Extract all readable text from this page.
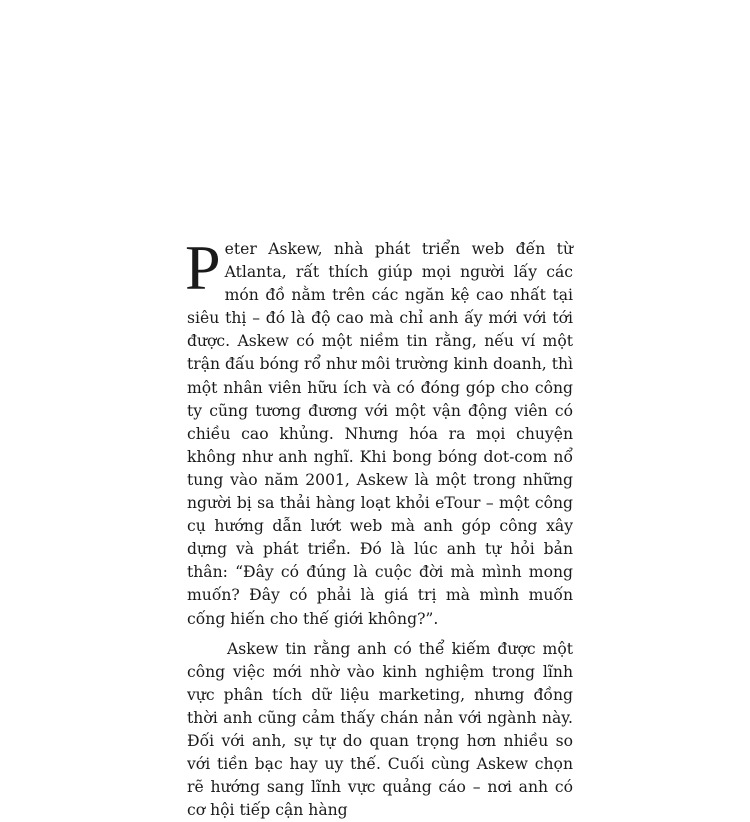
Peter Askew, nhà phát triển web đến từ Atlanta, rất thích giúp mọi người lấy các món đồ nằm trên các ngăn kệ cao nhất tại siêu thị – đó là độ cao mà chỉ anh ấy mới với tới được. Askew có một niềm tin rằng, nếu ví một trận đấu bóng rổ như môi trường kinh doanh, thì một nhân viên hữu ích và có đóng góp cho công ty cũng tương đương với một vận động viên có chiều cao khủng. Nhưng hóa ra mọi chuyện không như anh nghĩ. Khi bong bóng dot-com nổ tung vào năm 2001, Askew là một trong những người bị sa thải hàng loạt khỏi eTour – một công cụ hướng dẫn lướt web mà anh góp công xây dựng và phát triển. Đó là lúc anh tự hỏi bản thân: “Đây có đúng là cuộc đời mà mình mong muốn? Đây có phải là giá trị mà mình muốn cống hiến cho thế giới không?”.

Askew tin rằng anh có thể kiếm được một công việc mới nhờ vào kinh nghiệm trong lĩnh vực phân tích dữ liệu marketing, nhưng đồng thời anh cũng cảm thấy chán nản với ngành này. Đối với anh, sự tự do quan trọng hơn nhiều so với tiền bạc hay uy thế. Cuối cùng Askew chọn rẽ hướng sang lĩnh vực quảng cáo – nơi anh có cơ hội tiếp cận hàng
